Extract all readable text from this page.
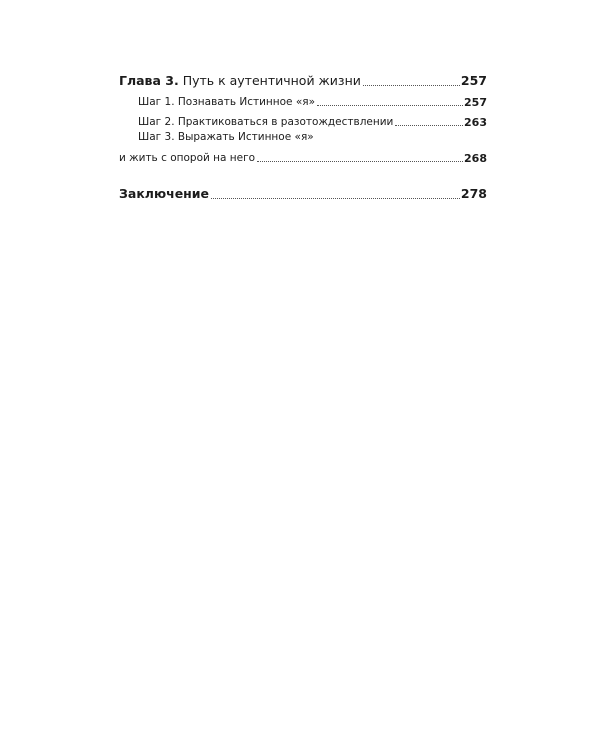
Глава 3. Путь к аутентичной жизни	257
Шаг 1. Познавать Истинное «я»	257
Шаг 2. Практиковаться в разотождествлении	263
Шаг 3. Выражать Истинное «я»
и жить с опорой на него	268
Заключение	278
